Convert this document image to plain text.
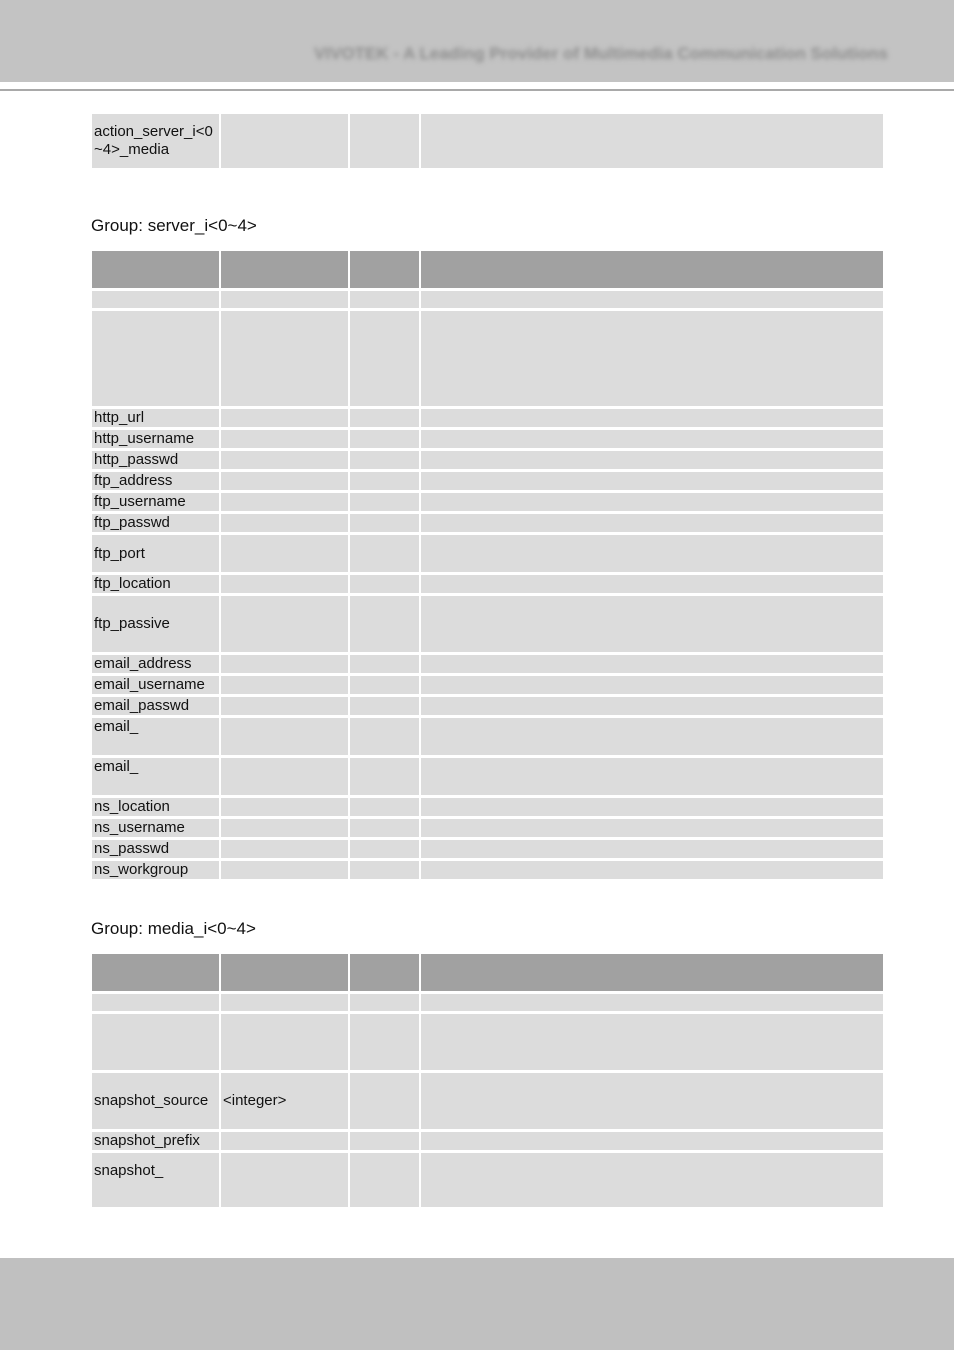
VIVOTEK - A Leading Provider of Multimedia Communication Solutions
action_server_i<0~4>_media			
Group: server_i<0~4>

http_url			
http_username			
http_passwd			
ftp_address			
ftp_username			
ftp_passwd			
ftp_port			
ftp_location			
ftp_passive			
email_address			
email_username			
email_passwd			
email_			
email_			
ns_location			
ns_username			
ns_passwd			
ns_workgroup			
Group: media_i<0~4>

snapshot_source	<integer>		
snapshot_prefix			
snapshot_			
